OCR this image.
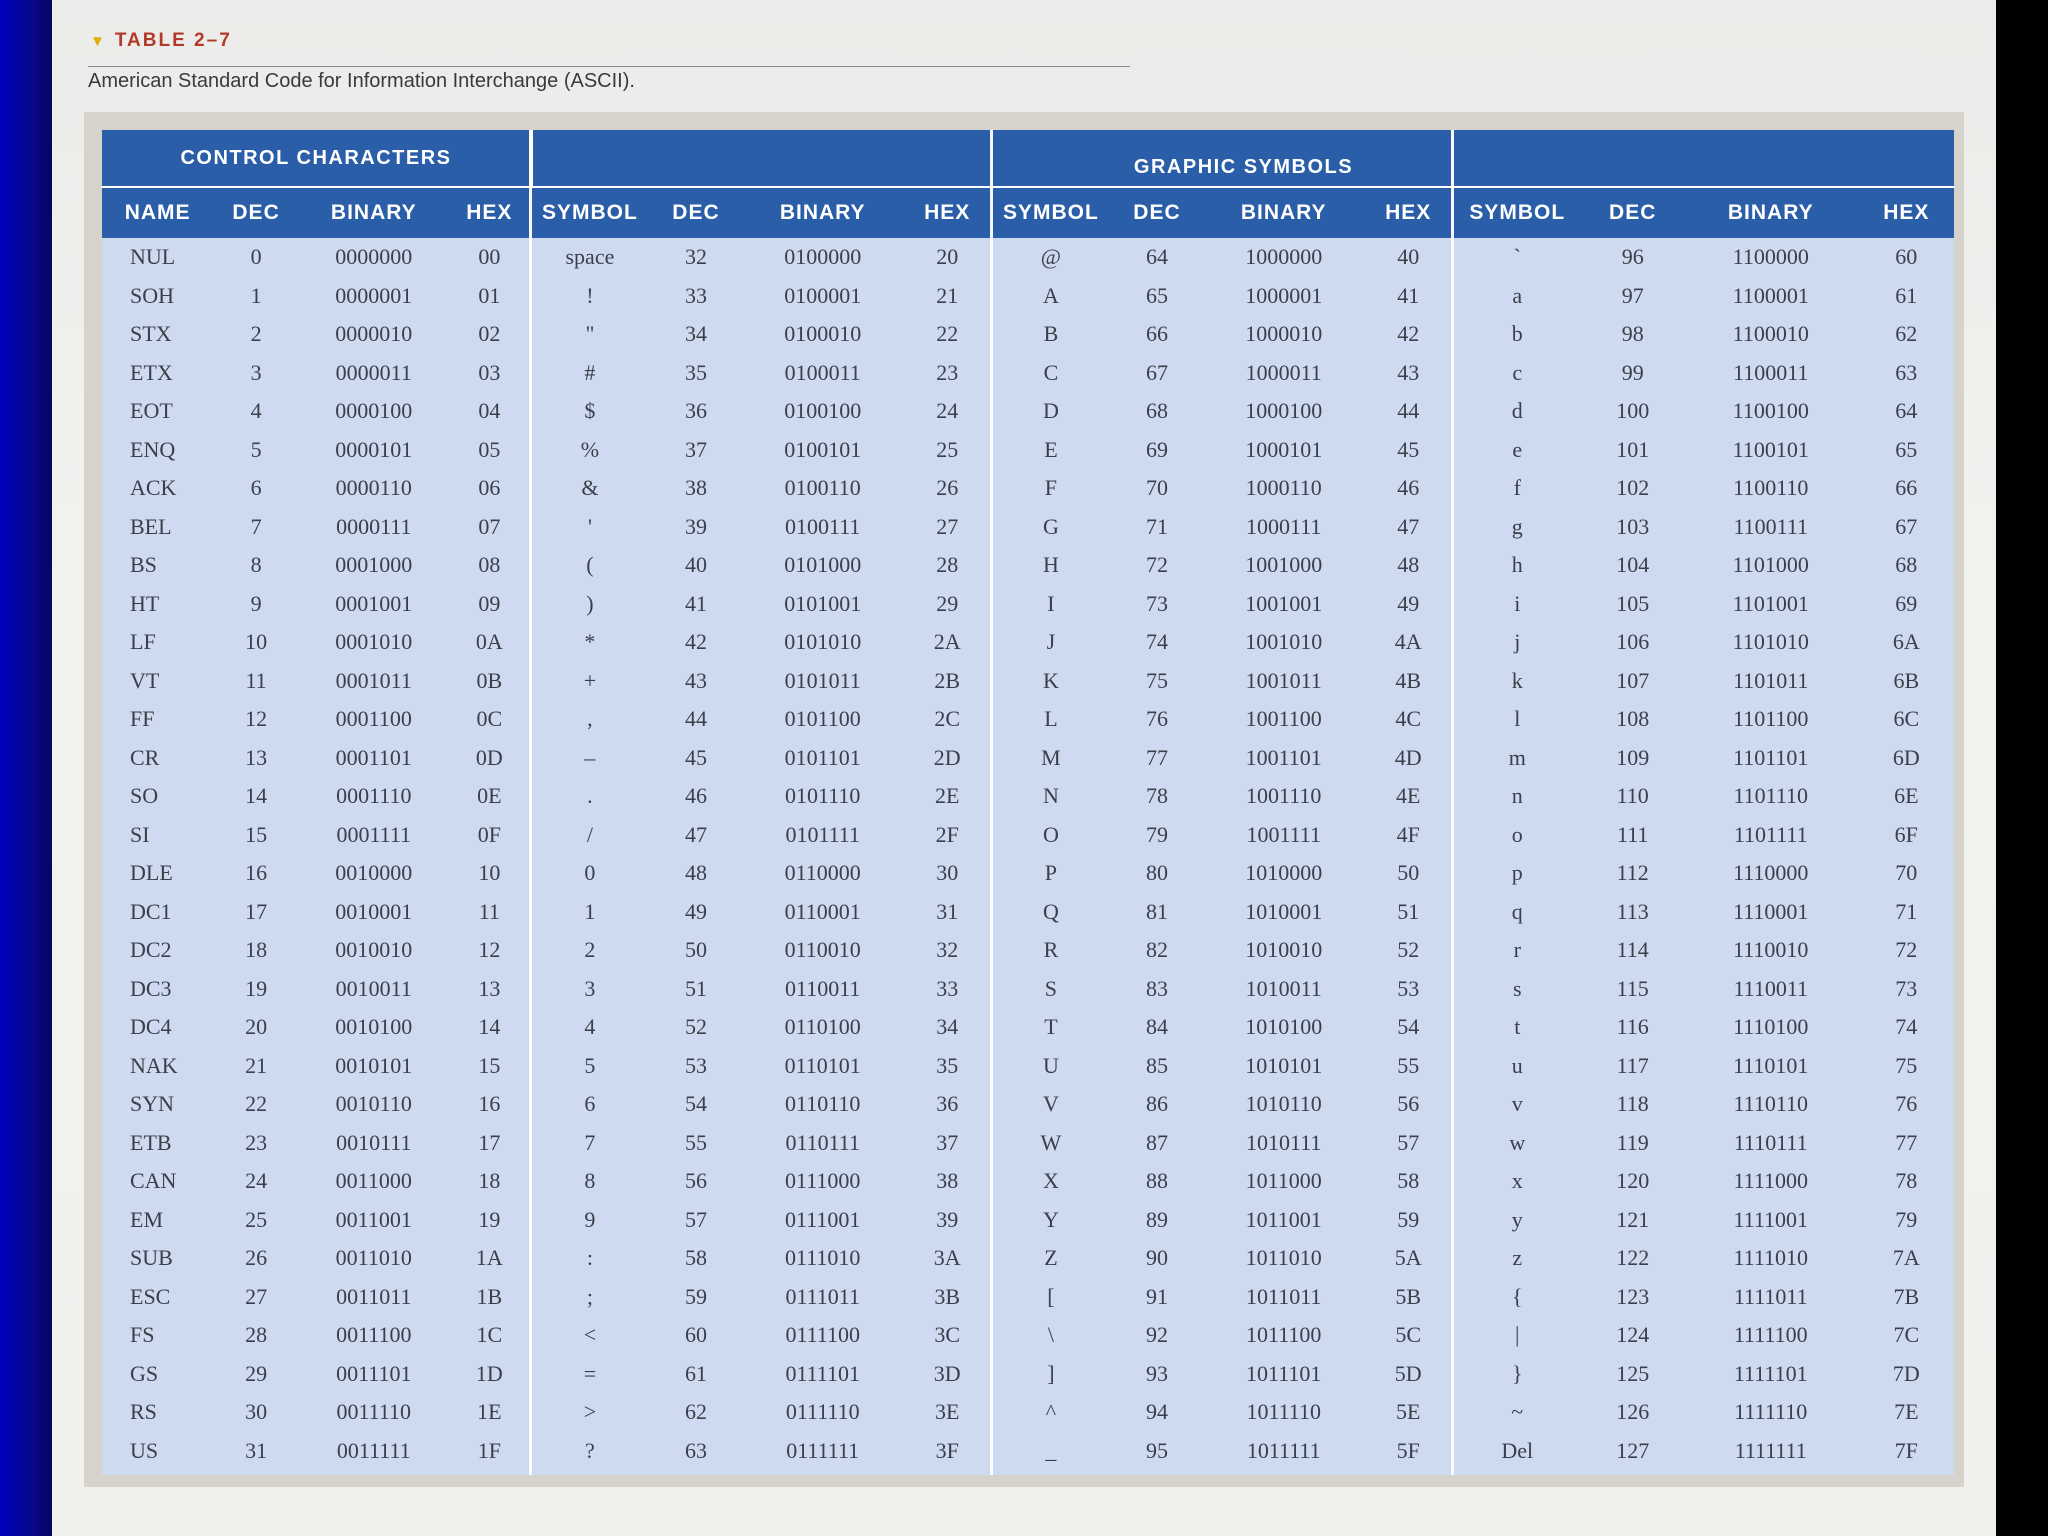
▼ TABLE 2–7
American Standard Code for Information Interchange (ASCII).
CONTROL CHARACTERS	GRAPHIC SYMBOLS
NAME	DEC	BINARY	HEX	SYMBOL	DEC	BINARY	HEX	SYMBOL	DEC	BINARY	HEX	SYMBOL	DEC	BINARY	HEX
NUL	0	0000000	00	space	32	0100000	20	@	64	1000000	40	`	96	1100000	60
SOH	1	0000001	01	!	33	0100001	21	A	65	1000001	41	a	97	1100001	61
STX	2	0000010	02	"	34	0100010	22	B	66	1000010	42	b	98	1100010	62
ETX	3	0000011	03	#	35	0100011	23	C	67	1000011	43	c	99	1100011	63
EOT	4	0000100	04	$	36	0100100	24	D	68	1000100	44	d	100	1100100	64
ENQ	5	0000101	05	%	37	0100101	25	E	69	1000101	45	e	101	1100101	65
ACK	6	0000110	06	&	38	0100110	26	F	70	1000110	46	f	102	1100110	66
BEL	7	0000111	07	'	39	0100111	27	G	71	1000111	47	g	103	1100111	67
BS	8	0001000	08	(	40	0101000	28	H	72	1001000	48	h	104	1101000	68
HT	9	0001001	09	)	41	0101001	29	I	73	1001001	49	i	105	1101001	69
LF	10	0001010	0A	*	42	0101010	2A	J	74	1001010	4A	j	106	1101010	6A
VT	11	0001011	0B	+	43	0101011	2B	K	75	1001011	4B	k	107	1101011	6B
FF	12	0001100	0C	,	44	0101100	2C	L	76	1001100	4C	l	108	1101100	6C
CR	13	0001101	0D	–	45	0101101	2D	M	77	1001101	4D	m	109	1101101	6D
SO	14	0001110	0E	.	46	0101110	2E	N	78	1001110	4E	n	110	1101110	6E
SI	15	0001111	0F	/	47	0101111	2F	O	79	1001111	4F	o	111	1101111	6F
DLE	16	0010000	10	0	48	0110000	30	P	80	1010000	50	p	112	1110000	70
DC1	17	0010001	11	1	49	0110001	31	Q	81	1010001	51	q	113	1110001	71
DC2	18	0010010	12	2	50	0110010	32	R	82	1010010	52	r	114	1110010	72
DC3	19	0010011	13	3	51	0110011	33	S	83	1010011	53	s	115	1110011	73
DC4	20	0010100	14	4	52	0110100	34	T	84	1010100	54	t	116	1110100	74
NAK	21	0010101	15	5	53	0110101	35	U	85	1010101	55	u	117	1110101	75
SYN	22	0010110	16	6	54	0110110	36	V	86	1010110	56	v	118	1110110	76
ETB	23	0010111	17	7	55	0110111	37	W	87	1010111	57	w	119	1110111	77
CAN	24	0011000	18	8	56	0111000	38	X	88	1011000	58	x	120	1111000	78
EM	25	0011001	19	9	57	0111001	39	Y	89	1011001	59	y	121	1111001	79
SUB	26	0011010	1A	:	58	0111010	3A	Z	90	1011010	5A	z	122	1111010	7A
ESC	27	0011011	1B	;	59	0111011	3B	[	91	1011011	5B	{	123	1111011	7B
FS	28	0011100	1C	<	60	0111100	3C	\	92	1011100	5C	|	124	1111100	7C
GS	29	0011101	1D	=	61	0111101	3D	]	93	1011101	5D	}	125	1111101	7D
RS	30	0011110	1E	>	62	0111110	3E	^	94	1011110	5E	~	126	1111110	7E
US	31	0011111	1F	?	63	0111111	3F	_	95	1011111	5F	Del	127	1111111	7F
